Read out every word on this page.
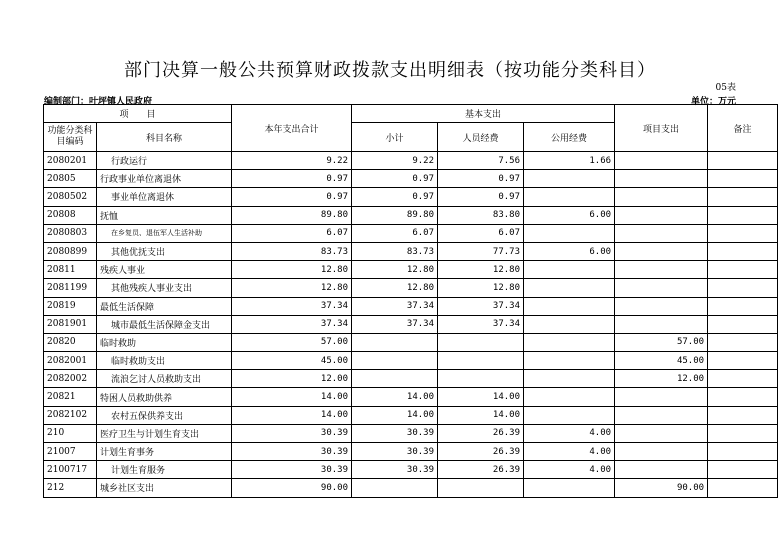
部门决算一般公共预算财政拨款支出明细表（按功能分类科目）
05表
编制部门：叶坪镇人民政府	单位：万元
项　　目		本年支出合计	基本支出			项目支出	备注
功能分类科目编码	科目名称		小计	人员经费	公用经费		
2080201	行政运行	9.22	9.22	7.56	1.66		
20805	行政事业单位离退休	0.97	0.97	0.97			
2080502	事业单位离退休	0.97	0.97	0.97			
20808	抚恤	89.80	89.80	83.80	6.00		
2080803	在乡复员、退伍军人生活补助	6.07	6.07	6.07			
2080899	其他优抚支出	83.73	83.73	77.73	6.00		
20811	残疾人事业	12.80	12.80	12.80			
2081199	其他残疾人事业支出	12.80	12.80	12.80			
20819	最低生活保障	37.34	37.34	37.34			
2081901	城市最低生活保障金支出	37.34	37.34	37.34			
20820	临时救助	57.00				57.00	
2082001	临时救助支出	45.00				45.00	
2082002	流浪乞讨人员救助支出	12.00				12.00	
20821	特困人员救助供养	14.00	14.00	14.00			
2082102	农村五保供养支出	14.00	14.00	14.00			
210	医疗卫生与计划生育支出	30.39	30.39	26.39	4.00		
21007	计划生育事务	30.39	30.39	26.39	4.00		
2100717	计划生育服务	30.39	30.39	26.39	4.00		
212	城乡社区支出	90.00				90.00	
